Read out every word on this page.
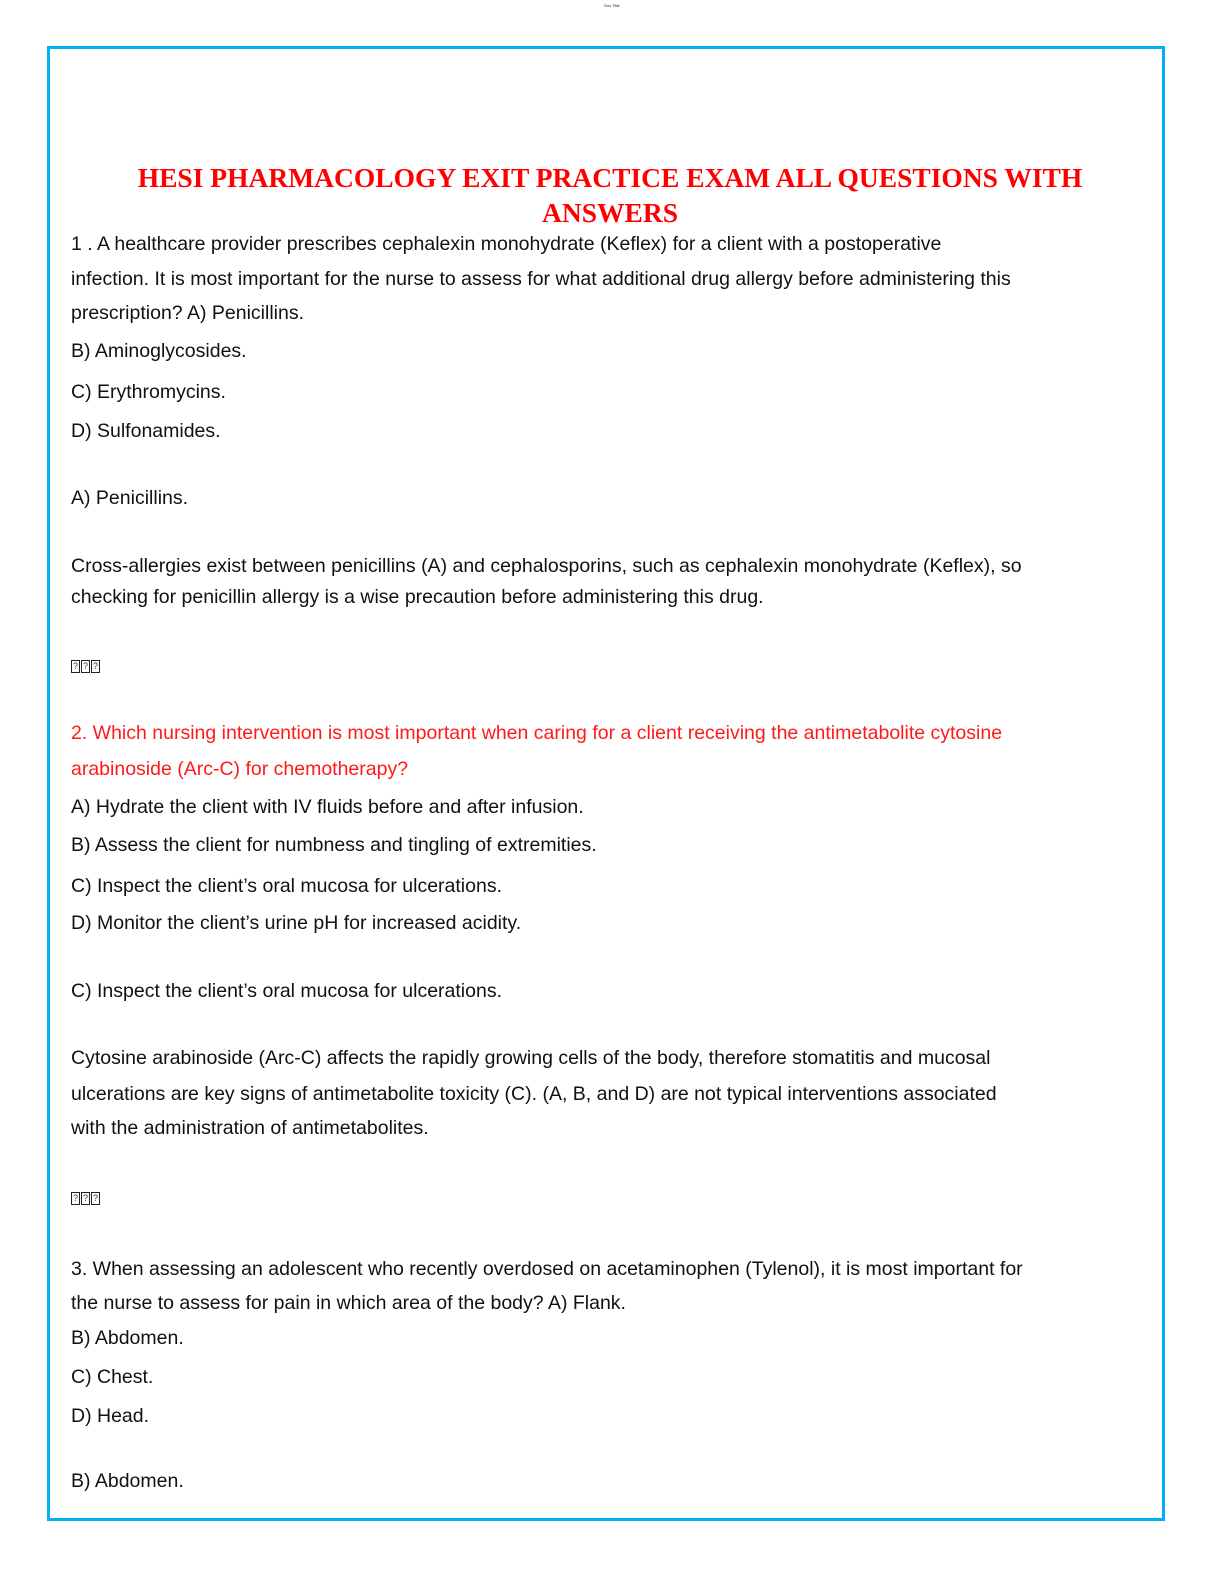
Doc Title
HESI PHARMACOLOGY EXIT PRACTICE EXAM ALL QUESTIONS WITH
ANSWERS
1 . A healthcare provider prescribes cephalexin monohydrate (Keflex) for a client with a postoperative
infection. It is most important for the nurse to assess for what additional drug allergy before administering this
prescription? A) Penicillins.
B) Aminoglycosides.
C) Erythromycins.
D) Sulfonamides.
A) Penicillins.
Cross-allergies exist between penicillins (A) and cephalosporins, such as cephalexin monohydrate (Keflex), so
checking for penicillin allergy is a wise precaution before administering this drug.
? ? ?
2. Which nursing intervention is most important when caring for a client receiving the antimetabolite cytosine
arabinoside (Arc-C) for chemotherapy?
A) Hydrate the client with IV fluids before and after infusion.
B) Assess the client for numbness and tingling of extremities.
C) Inspect the client’s oral mucosa for ulcerations.
D) Monitor the client’s urine pH for increased acidity.
C) Inspect the client’s oral mucosa for ulcerations.
Cytosine arabinoside (Arc-C) affects the rapidly growing cells of the body, therefore stomatitis and mucosal
ulcerations are key signs of antimetabolite toxicity (C). (A, B, and D) are not typical interventions associated
with the administration of antimetabolites.
? ? ?
3. When assessing an adolescent who recently overdosed on acetaminophen (Tylenol), it is most important for
the nurse to assess for pain in which area of the body? A) Flank.
B) Abdomen.
C) Chest.
D) Head.
B) Abdomen.
